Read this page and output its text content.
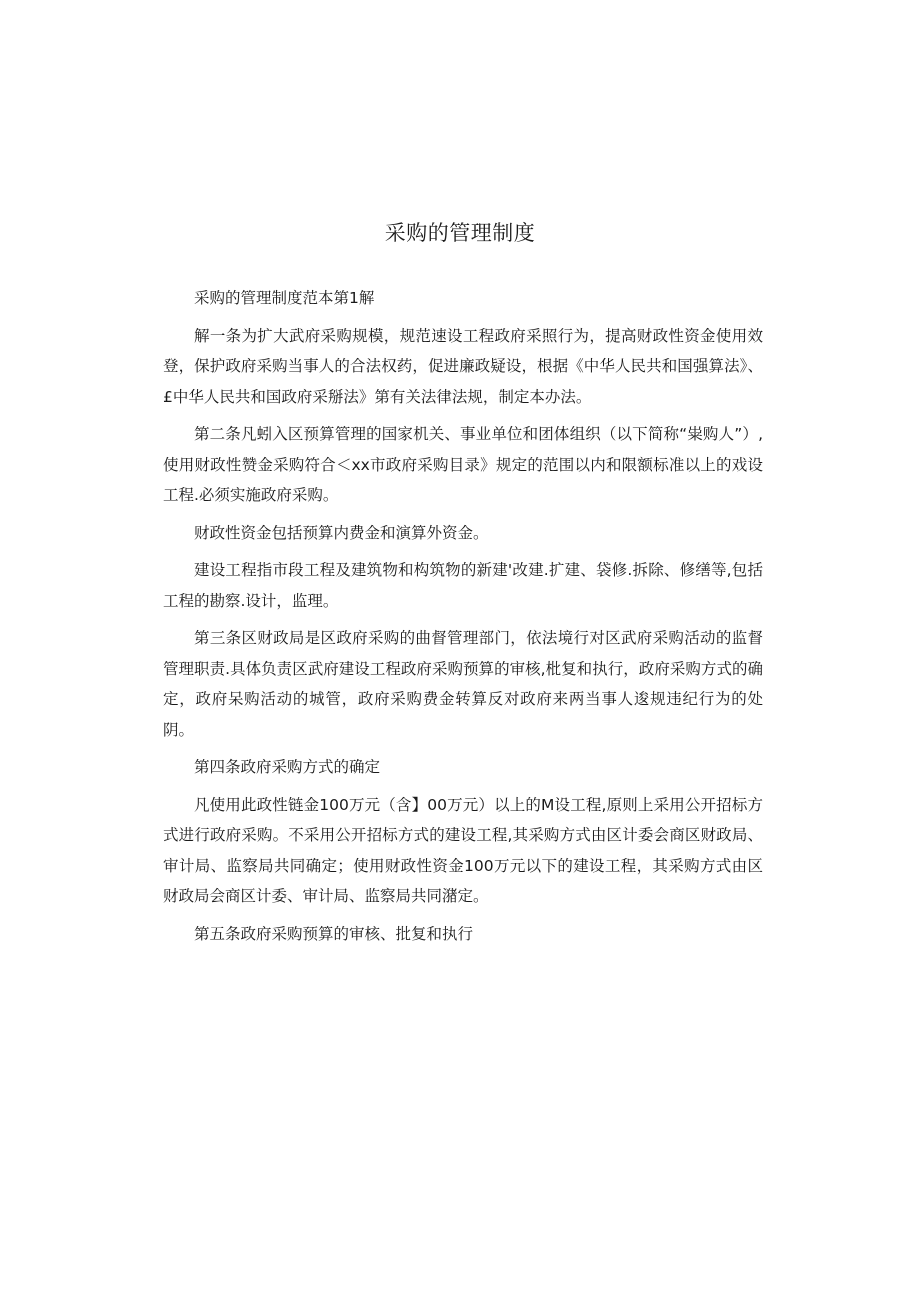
采购的管理制度

采购的管理制度范本第1解

解一条为扩大武府采购规模，规范速设工程政府采照行为，提高财政性资金使用效登，保护政府采购当事人的合法权药，促进廉政疑设，根据《中华人民共和国强算法》、£中华人民共和国政府采掰法》第有关法律法规，制定本办法。

第二条凡蚓入区预算管理的国家机关、事业单位和团体组织（以下简称“粜购人”）,使用财政性赞金采购符合＜xx市政府采购目录》规定的范围以内和限额标准以上的戏设工程.必须实施政府采购。

财政性资金包括预算内费金和演算外资金。

建设工程指市段工程及建筑物和构筑物的新建'改建.扩建、袋修.拆除、修缮等,包括工程的勘察.设计，监理。

第三条区财政局是区政府采购的曲督管理部门，依法境行对区武府采购活动的监督管理职责.具体负责区武府建设工程政府采购预算的审核,枇复和执行，政府采购方式的确定，政府呆购活动的城管，政府采购费金转算反对政府来两当事人逡规违纪行为的处阴。

第四条政府采购方式的确定

凡使用此政性链金100万元（含】00万元）以上的M设工程,原则上采用公开招标方式进行政府采购。不采用公开招标方式的建设工程,其采购方式由区计委会商区财政局、审计局、监察局共同确定；使用财政性资金100万元以下的建设工程，其采购方式由区财政局会商区计委、审计局、监察局共同潴定。

第五条政府采购预算的审核、批复和执行
